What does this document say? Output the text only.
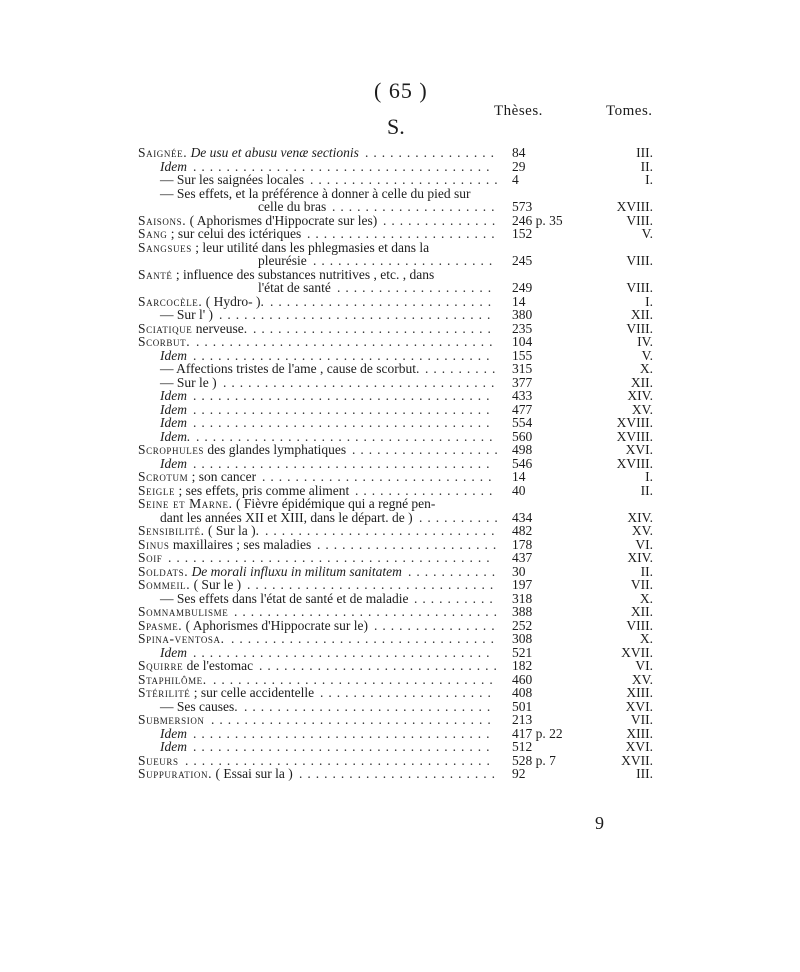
( 65 )
Thèses.	Tomes.
S.
Saignée. De usu et abusu venæ sectionis ................ 84	III.
Idem ....................................	29	II.
— Sur les saignées locales ....................... 4	I.
— Ses effets, et la préférence à donner à celle du pied sur
celle du bras .................... 573	XVIII.
Saisons. ( Aphorismes d'Hippocrate sur les) .............. 246 p. 35	VIII.
Sang ; sur celui des ictériques ....................... 152	V.
Sangsues ; leur utilité dans les phlegmasies et dans la
pleurésie ......................	245	VIII.
Santé ; influence des substances nutritives , etc. , dans
l'état de santé ...................	249	VIII.
Sarcocèle. ( Hydro- ). ...........................	14	I.
— Sur l' ) .................................	380	XII.
Sciatique nerveuse. .............................	235	VIII.
Scorbut. ....................................	104	IV.
Idem ....................................	155	V.
— Affections tristes de l'ame , cause de scorbut. ......... 315	X.
— Sur le ) ................................. 377	XII.
Idem ....................................	433	XIV.
Idem ....................................	477	XV.
Idem ....................................	554	XVIII.
Idem. ....................................	560	XVIII.
Scrophules des glandes lymphatiques .................. 498	XVI.
Idem ....................................	546	XVIII.
Scrotum ; son cancer ............................	14	I.
Seigle ; ses effets, pris comme aliment .................	40	II.
Seine et Marne. ( Fièvre épidémique qui a regné pen-
dant les années XII et XIII, dans le départ. de ) .......... 434	XIV.
Sensibilité. ( Sur la ). ............................ 482	XV.
Sinus maxillaires ; ses maladies ...................... 178	VI.
Soif .......................................	437	XIV.
Soldats. De morali influxu in militum sanitatem ........... 30	II.
Sommeil. ( Sur le ) ..............................	197	VII.
— Ses effets dans l'état de santé et de maladie ..........	318	X.
Somnambulisme ................................ 388	XII.
Spasme. ( Aphorismes d'Hippocrate sur le) ............... 252	VIII.
Spina-ventosa. ................................ 308	X.
Idem ....................................	521	XVII.
Squirre de l'estomac ............................. 182	VI.
Staphilôme. ..................................	460	XV.
Stérilité ; sur celle accidentelle .....................	408	XIII.
— Ses causes. ..............................	501	XVI.
Submersion ..................................	213	VII.
Idem ....................................	417 p. 22	XIII.
Idem ....................................	512	XVI.
Sueurs .....................................	528 p. 7	XVII.
Suppuration. ( Essai sur la ) ........................ 92	III.
9
